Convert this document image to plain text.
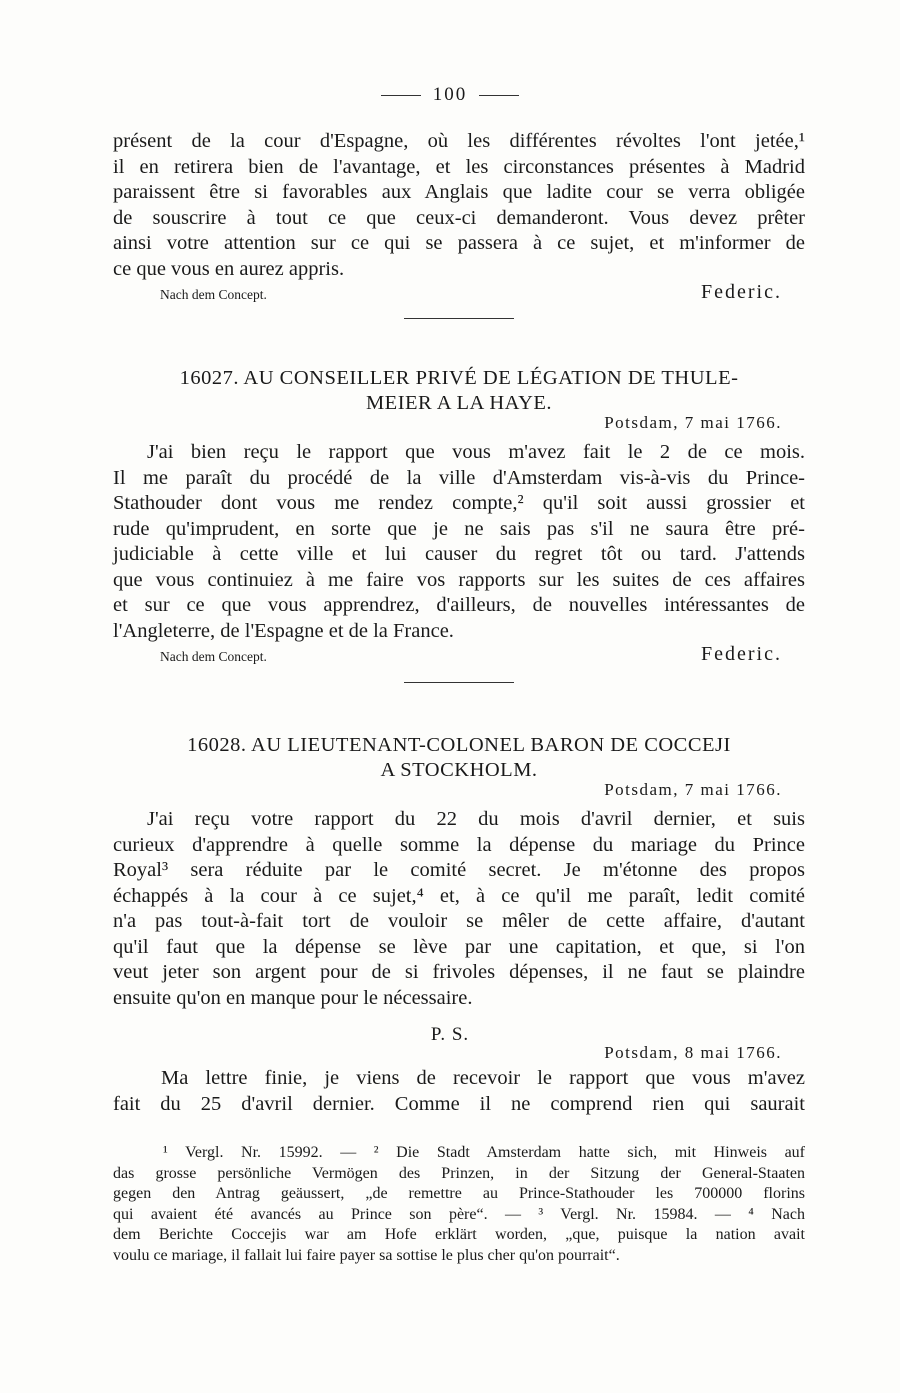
100
présent de la cour d'Espagne, où les différentes révoltes l'ont jetée,¹
il en retirera bien de l'avantage, et les circonstances présentes à Madrid
paraissent être si favorables aux Anglais que ladite cour se verra obligée
de souscrire à tout ce que ceux-ci demanderont. Vous devez prêter
ainsi votre attention sur ce qui se passera à ce sujet, et m'informer de
ce que vous en aurez appris.
Nach dem Concept.	Federic.
16027. AU CONSEILLER PRIVÉ DE LÉGATION DE THULE-
MEIER A LA HAYE.
Potsdam, 7 mai 1766.
J'ai bien reçu le rapport que vous m'avez fait le 2 de ce mois.
Il me paraît du procédé de la ville d'Amsterdam vis-à-vis du Prince-
Stathouder dont vous me rendez compte,² qu'il soit aussi grossier et
rude qu'imprudent, en sorte que je ne sais pas s'il ne saura être pré-
judiciable à cette ville et lui causer du regret tôt ou tard. J'attends
que vous continuiez à me faire vos rapports sur les suites de ces affaires
et sur ce que vous apprendrez, d'ailleurs, de nouvelles intéressantes de
l'Angleterre, de l'Espagne et de la France.
Nach dem Concept.	Federic.
16028. AU LIEUTENANT-COLONEL BARON DE COCCEJI
A STOCKHOLM.
Potsdam, 7 mai 1766.
J'ai reçu votre rapport du 22 du mois d'avril dernier, et suis
curieux d'apprendre à quelle somme la dépense du mariage du Prince
Royal³ sera réduite par le comité secret. Je m'étonne des propos
échappés à la cour à ce sujet,⁴ et, à ce qu'il me paraît, ledit comité
n'a pas tout-à-fait tort de vouloir se mêler de cette affaire, d'autant
qu'il faut que la dépense se lève par une capitation, et que, si l'on
veut jeter son argent pour de si frivoles dépenses, il ne faut se plaindre
ensuite qu'on en manque pour le nécessaire.
P. S.
Potsdam, 8 mai 1766.
Ma lettre finie, je viens de recevoir le rapport que vous m'avez
fait du 25 d'avril dernier. Comme il ne comprend rien qui saurait
¹ Vergl. Nr. 15992. — ² Die Stadt Amsterdam hatte sich, mit Hinweis auf
das grosse persönliche Vermögen des Prinzen, in der Sitzung der General-Staaten
gegen den Antrag geäussert, „de remettre au Prince-Stathouder les 700000 florins
qui avaient été avancés au Prince son père“. — ³ Vergl. Nr. 15984. — ⁴ Nach
dem Berichte Coccejis war am Hofe erklärt worden, „que, puisque la nation avait
voulu ce mariage, il fallait lui faire payer sa sottise le plus cher qu'on pourrait“.
